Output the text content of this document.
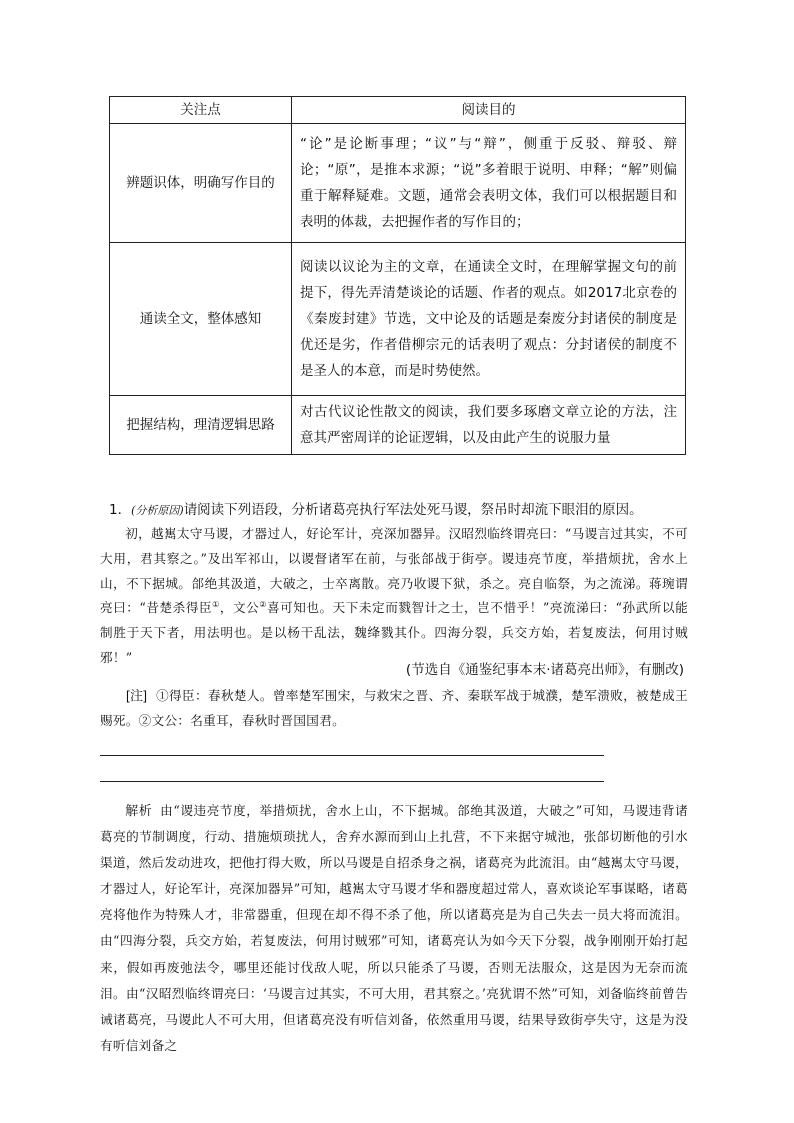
关注点	阅读目的
辨题识体，明确写作目的	“论”是论断事理；“议”与“辩”，侧重于反驳、辩驳、辩论；“原”，是推本求源；“说”多着眼于说明、申释；“解”则偏重于解释疑难。文题，通常会表明文体，我们可以根据题目和表明的体裁，去把握作者的写作目的；
通读全文，整体感知	阅读以议论为主的文章，在通读全文时，在理解掌握文句的前提下，得先弄清楚谈论的话题、作者的观点。如2017北京卷的《秦废封建》节选，文中论及的话题是秦废分封诸侯的制度是优还是劣，作者借柳宗元的话表明了观点：分封诸侯的制度不是圣人的本意，而是时势使然。
把握结构，理清逻辑思路	对古代议论性散文的阅读，我们要多琢磨文章立论的方法，注意其严密周详的论证逻辑，以及由此产生的说服力量
1．(分析原因)请阅读下列语段，分析诸葛亮执行军法处死马谡，祭吊时却流下眼泪的原因。
初，越嶲太守马谡，才器过人，好论军计，亮深加器异。汉昭烈临终谓亮曰：“马谡言过其实，不可大用，君其察之。”及出军祁山，以谡督诸军在前，与张郃战于街亭。谡违亮节度，举措烦扰，舍水上山，不下据城。郃绝其汲道，大破之，士卒离散。亮乃收谡下狱，杀之。亮自临祭，为之流涕。蒋琬谓亮曰：“昔楚杀得臣①，文公②喜可知也。天下未定而戮智计之士，岂不惜乎！”亮流涕曰：“孙武所以能制胜于天下者，用法明也。是以杨干乱法，魏绛戮其仆。四海分裂，兵交方始，若复废法，何用讨贼邪！”
(节选自《通鉴纪事本末·诸葛亮出师》，有删改)
[注] ①得臣：春秋楚人。曾率楚军围宋，与救宋之晋、齐、秦联军战于城濮，楚军溃败，被楚成王赐死。②文公：名重耳，春秋时晋国国君。
解析 由“谡违亮节度，举措烦扰，舍水上山，不下据城。郃绝其汲道，大破之”可知，马谡违背诸葛亮的节制调度，行动、措施烦琐扰人，舍弃水源而到山上扎营，不下来据守城池，张郃切断他的引水渠道，然后发动进攻，把他打得大败，所以马谡是自招杀身之祸，诸葛亮为此流泪。由“越嶲太守马谡，才器过人，好论军计，亮深加器异”可知，越嶲太守马谡才华和器度超过常人，喜欢谈论军事谋略，诸葛亮将他作为特殊人才，非常器重，但现在却不得不杀了他，所以诸葛亮是为自己失去一员大将而流泪。由“四海分裂，兵交方始，若复废法，何用讨贼邪”可知，诸葛亮认为如今天下分裂，战争刚刚开始打起来，假如再废弛法令，哪里还能讨伐敌人呢，所以只能杀了马谡，否则无法服众，这是因为无奈而流泪。由“汉昭烈临终谓亮曰：‘马谡言过其实，不可大用，君其察之。’亮犹谓不然”可知，刘备临终前曾告诫诸葛亮，马谡此人不可大用，但诸葛亮没有听信刘备，依然重用马谡，结果导致街亭失守，这是为没有听信刘备之
